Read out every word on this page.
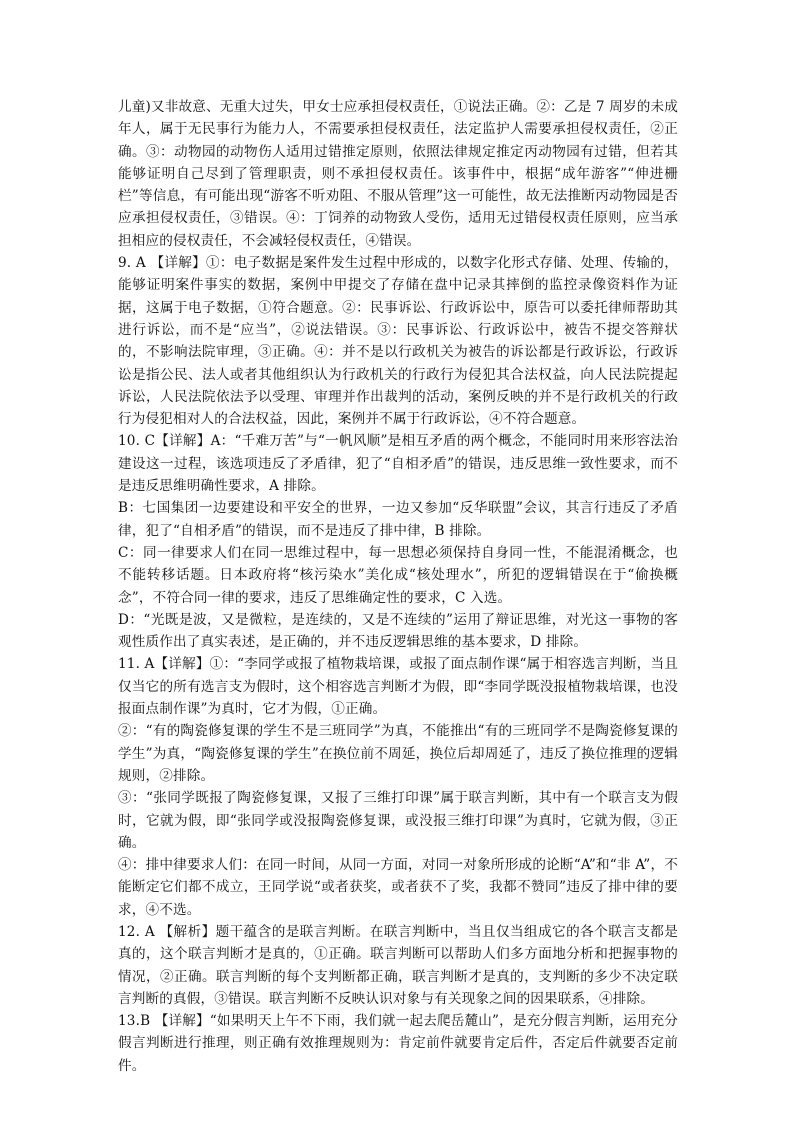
儿童)又非故意、无重大过失，甲女士应承担侵权责任，①说法正确。②：乙是 7 周岁的未成年人，属于无民事行为能力人，不需要承担侵权责任，法定监护人需要承担侵权责任，②正确。③：动物园的动物伤人适用过错推定原则，依照法律规定推定丙动物园有过错，但若其能够证明自己尽到了管理职责，则不承担侵权责任。该事件中，根据“成年游客”“伸进栅栏”等信息，有可能出现“游客不听劝阻、不服从管理”这一可能性，故无法推断丙动物园是否应承担侵权责任，③错误。④：丁饲养的动物致人受伤，适用无过错侵权责任原则，应当承担相应的侵权责任，不会减轻侵权责任，④错误。

9. A 【详解】①：电子数据是案件发生过程中形成的，以数字化形式存储、处理、传输的，能够证明案件事实的数据，案例中甲提交了存储在盘中记录其摔倒的监控录像资料作为证据，这属于电子数据，①符合题意。②：民事诉讼、行政诉讼中，原告可以委托律师帮助其进行诉讼，而不是“应当”，②说法错误。③：民事诉讼、行政诉讼中，被告不提交答辩状的，不影响法院审理，③正确。④：并不是以行政机关为被告的诉讼都是行政诉讼，行政诉讼是指公民、法人或者其他组织认为行政机关的行政行为侵犯其合法权益，向人民法院提起诉讼，人民法院依法予以受理、审理并作出裁判的活动，案例反映的并不是行政机关的行政行为侵犯相对人的合法权益，因此，案例并不属于行政诉讼，④不符合题意。

10. C【详解】A：“千难万苦”与“一帆风顺”是相互矛盾的两个概念，不能同时用来形容法治建设这一过程，该选项违反了矛盾律，犯了“自相矛盾”的错误，违反思维一致性要求，而不是违反思维明确性要求，A 排除。

B：七国集团一边要建设和平安全的世界，一边又参加“反华联盟”会议，其言行违反了矛盾律，犯了“自相矛盾”的错误，而不是违反了排中律，B 排除。

C：同一律要求人们在同一思维过程中，每一思想必须保持自身同一性，不能混淆概念，也不能转移话题。日本政府将“核污染水”美化成“核处理水”，所犯的逻辑错误在于“偷换概念”，不符合同一律的要求，违反了思维确定性的要求，C 入选。

D：“光既是波，又是微粒，是连续的，又是不连续的”运用了辩证思维，对光这一事物的客观性质作出了真实表述，是正确的，并不违反逻辑思维的基本要求，D 排除。

11. A【详解】①：“李同学或报了植物栽培课，或报了面点制作课“属于相容选言判断，当且仅当它的所有选言支为假时，这个相容选言判断才为假，即“李同学既没报植物栽培课，也没报面点制作课”为真时，它才为假，①正确。

②：“有的陶瓷修复课的学生不是三班同学”为真，不能推出“有的三班同学不是陶瓷修复课的学生”为真，“陶瓷修复课的学生”在换位前不周延，换位后却周延了，违反了换位推理的逻辑规则，②排除。

③：“张同学既报了陶瓷修复课，又报了三维打印课”属于联言判断，其中有一个联言支为假时，它就为假，即“张同学或没报陶瓷修复课，或没报三维打印课”为真时，它就为假，③正确。

④：排中律要求人们：在同一时间，从同一方面，对同一对象所形成的论断“A”和“非 A”，不能断定它们都不成立，王同学说“或者获奖，或者获不了奖，我都不赞同”违反了排中律的要求，④不选。

12. A 【解析】题干蕴含的是联言判断。在联言判断中，当且仅当组成它的各个联言支都是真的，这个联言判断才是真的，①正确。联言判断可以帮助人们多方面地分析和把握事物的情况，②正确。联言判断的每个支判断都正确，联言判断才是真的，支判断的多少不决定联言判断的真假，③错误。联言判断不反映认识对象与有关现象之间的因果联系，④排除。

13.B 【详解】“如果明天上午不下雨，我们就一起去爬岳麓山”，是充分假言判断，运用充分假言判断进行推理，则正确有效推理规则为：肯定前件就要肯定后件，否定后件就要否定前件。
